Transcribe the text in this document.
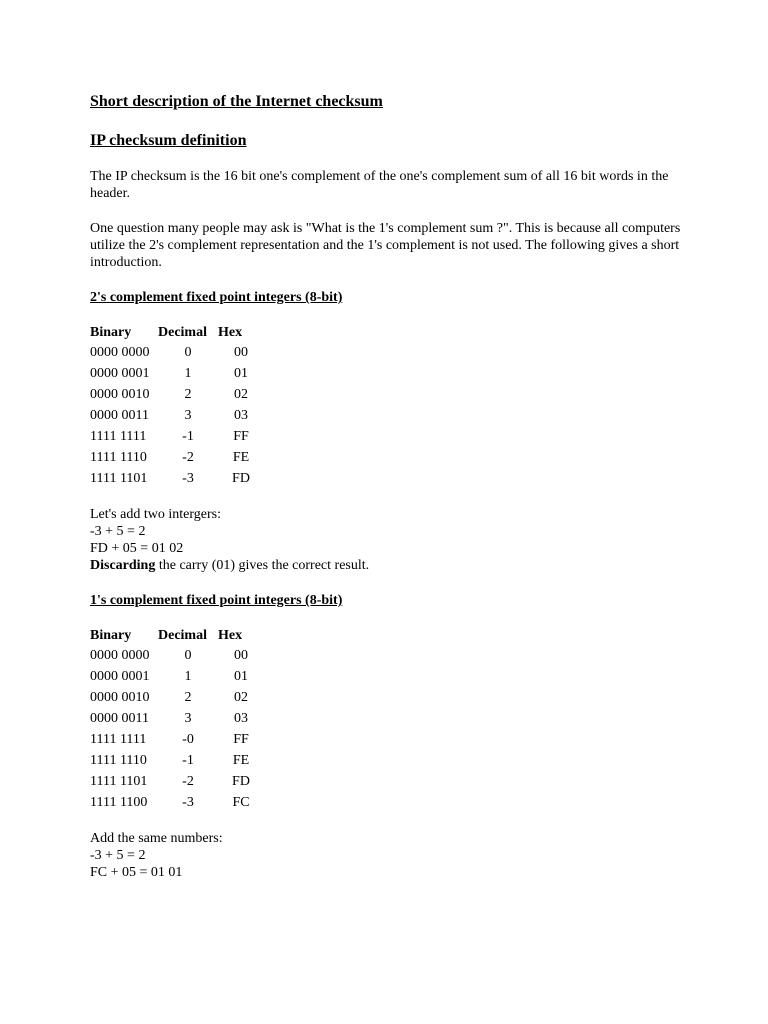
Short description of the Internet checksum
IP checksum definition

The IP checksum is the 16 bit one's complement of the one's complement sum of all 16 bit words in the header.

One question many people may ask is "What is the 1's complement sum ?". This is because all computers utilize the 2's complement representation and the 1's complement is not used. The following gives a short introduction.

2's complement fixed point integers (8-bit)
Binary	Decimal	Hex
0000 0000	0	00
0000 0001	1	01
0000 0010	2	02
0000 0011	3	03
1111 1111	-1	FF
1111 1110	-2	FE
1111 1101	-3	FD
Let's add two intergers:
-3 + 5 = 2
FD + 05 = 01 02
Discarding the carry (01) gives the correct result.
1's complement fixed point integers (8-bit)
Binary	Decimal	Hex
0000 0000	0	00
0000 0001	1	01
0000 0010	2	02
0000 0011	3	03
1111 1111	-0	FF
1111 1110	-1	FE
1111 1101	-2	FD
1111 1100	-3	FC
Add the same numbers:
-3 + 5 = 2
FC + 05 = 01 01
